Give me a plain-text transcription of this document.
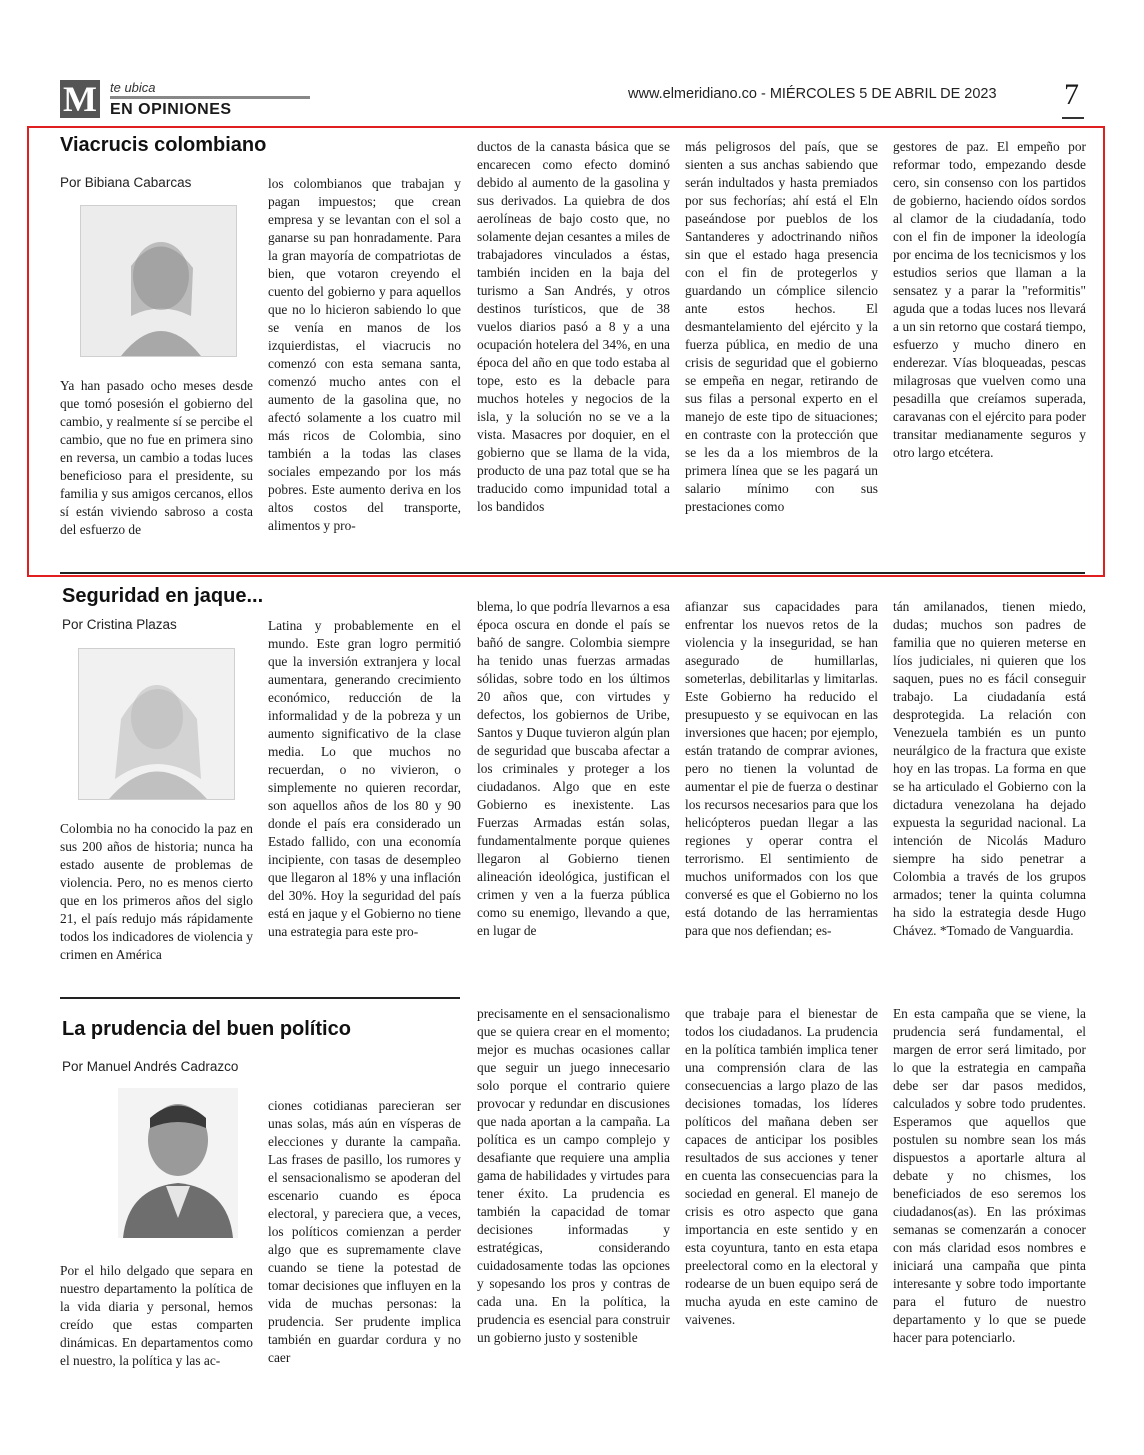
M te ubica
EN OPINIONES
www.elmeridiano.co - MIÉRCOLES 5 DE ABRIL DE 2023 7
Viacrucis colombiano
Por Bibiana Cabarcas
Ya han pasado ocho meses desde que tomó posesión el gobierno del cambio, y realmente sí se percibe el cambio, que no fue en primera sino en reversa, un cambio a todas luces beneficioso para el presidente, su familia y sus amigos cercanos, ellos sí están viviendo sabroso a costa del esfuerzo de
los colombianos que trabajan y pagan impuestos; que crean empresa y se levantan con el sol a ganarse su pan honradamente. Para la gran mayoría de compatriotas de bien, que votaron creyendo el cuento del gobierno y para aquellos que no lo hicieron sabiendo lo que se venía en manos de los izquierdistas, el viacrucis no comenzó con esta semana santa, comenzó mucho antes con el aumento de la gasolina que, no afectó solamente a los cuatro mil más ricos de Colombia, sino también a la todas las clases sociales empezando por los más pobres. Este aumento deriva en los altos costos del transporte, alimentos y pro-
ductos de la canasta básica que se encarecen como efecto dominó debido al aumento de la gasolina y sus derivados. La quiebra de dos aerolíneas de bajo costo que, no solamente dejan cesantes a miles de trabajadores vinculados a éstas, también inciden en la baja del turismo a San Andrés, y otros destinos turísticos, que de 38 vuelos diarios pasó a 8 y a una ocupación hotelera del 34%, en una época del año en que todo estaba al tope, esto es la debacle para muchos hoteles y negocios de la isla, y la solución no se ve a la vista. Masacres por doquier, en el gobierno que se llama de la vida, producto de una paz total que se ha traducido como impunidad total a los bandidos
más peligrosos del país, que se sienten a sus anchas sabiendo que serán indultados y hasta premiados por sus fechorías; ahí está el Eln paseándose por pueblos de los Santanderes y adoctrinando niños sin que el estado haga presencia con el fin de protegerlos y guardando un cómplice silencio ante estos hechos. El desmantelamiento del ejército y la fuerza pública, en medio de una crisis de seguridad que el gobierno se empeña en negar, retirando de sus filas a personal experto en el manejo de este tipo de situaciones; en contraste con la protección que se les da a los miembros de la primera línea que se les pagará un salario mínimo con sus prestaciones como
gestores de paz. El empeño por reformar todo, empezando desde cero, sin consenso con los partidos de gobierno, haciendo oídos sordos al clamor de la ciudadanía, todo con el fin de imponer la ideología por encima de los tecnicismos y los estudios serios que llaman a la sensatez y a parar la "reformitis" aguda que a todas luces nos llevará a un sin retorno que costará tiempo, esfuerzo y mucho dinero en enderezar. Vías bloqueadas, pescas milagrosas que vuelven como una pesadilla que creíamos superada, caravanas con el ejército para poder transitar medianamente seguros y otro largo etcétera.
Seguridad en jaque...
Por Cristina Plazas
Colombia no ha conocido la paz en sus 200 años de historia; nunca ha estado ausente de problemas de violencia. Pero, no es menos cierto que en los primeros años del siglo 21, el país redujo más rápidamente todos los indicadores de violencia y crimen en América
Latina y probablemente en el mundo. Este gran logro permitió que la inversión extranjera y local aumentara, generando crecimiento económico, reducción de la informalidad y de la pobreza y un aumento significativo de la clase media. Lo que muchos no recuerdan, o no vivieron, o simplemente no quieren recordar, son aquellos años de los 80 y 90 donde el país era considerado un Estado fallido, con una economía incipiente, con tasas de desempleo que llegaron al 18% y una inflación del 30%. Hoy la seguridad del país está en jaque y el Gobierno no tiene una estrategia para este pro-
blema, lo que podría llevarnos a esa época oscura en donde el país se bañó de sangre. Colombia siempre ha tenido unas fuerzas armadas sólidas, sobre todo en los últimos 20 años que, con virtudes y defectos, los gobiernos de Uribe, Santos y Duque tuvieron algún plan de seguridad que buscaba afectar a los criminales y proteger a los ciudadanos. Algo que en este Gobierno es inexistente. Las Fuerzas Armadas están solas, fundamentalmente porque quienes llegaron al Gobierno tienen alineación ideológica, justifican el crimen y ven a la fuerza pública como su enemigo, llevando a que, en lugar de
afianzar sus capacidades para enfrentar los nuevos retos de la violencia y la inseguridad, se han asegurado de humillarlas, someterlas, debilitarlas y limitarlas. Este Gobierno ha reducido el presupuesto y se equivocan en las inversiones que hacen; por ejemplo, están tratando de comprar aviones, pero no tienen la voluntad de aumentar el pie de fuerza o destinar los recursos necesarios para que los helicópteros puedan llegar a las regiones y operar contra el terrorismo. El sentimiento de muchos uniformados con los que conversé es que el Gobierno no los está dotando de las herramientas para que nos defiendan; es-
tán amilanados, tienen miedo, dudas; muchos son padres de familia que no quieren meterse en líos judiciales, ni quieren que los saquen, pues no es fácil conseguir trabajo. La ciudadanía está desprotegida. La relación con Venezuela también es un punto neurálgico de la fractura que existe hoy en las tropas. La forma en que se ha articulado el Gobierno con la dictadura venezolana ha dejado expuesta la seguridad nacional. La intención de Nicolás Maduro siempre ha sido penetrar a Colombia a través de los grupos armados; tener la quinta columna ha sido la estrategia desde Hugo Chávez. *Tomado de Vanguardia.
La prudencia del buen político
Por Manuel Andrés Cadrazco
Por el hilo delgado que separa en nuestro departamento la política de la vida diaria y personal, hemos creído que estas comparten dinámicas. En departamentos como el nuestro, la política y las ac-
ciones cotidianas parecieran ser unas solas, más aún en vísperas de elecciones y durante la campaña. Las frases de pasillo, los rumores y el sensacionalismo se apoderan del escenario cuando es época electoral, y pareciera que, a veces, los políticos comienzan a perder algo que es supremamente clave cuando se tiene la potestad de tomar decisiones que influyen en la vida de muchas personas: la prudencia. Ser prudente implica también en guardar cordura y no caer
precisamente en el sensacionalismo que se quiera crear en el momento; mejor es muchas ocasiones callar que seguir un juego innecesario solo porque el contrario quiere provocar y redundar en discusiones que nada aportan a la campaña. La política es un campo complejo y desafiante que requiere una amplia gama de habilidades y virtudes para tener éxito. La prudencia es también la capacidad de tomar decisiones informadas y estratégicas, considerando cuidadosamente todas las opciones y sopesando los pros y contras de cada una. En la política, la prudencia es esencial para construir un gobierno justo y sostenible
que trabaje para el bienestar de todos los ciudadanos. La prudencia en la política también implica tener una comprensión clara de las consecuencias a largo plazo de las decisiones tomadas, los líderes políticos del mañana deben ser capaces de anticipar los posibles resultados de sus acciones y tener en cuenta las consecuencias para la sociedad en general. El manejo de crisis es otro aspecto que gana importancia en este sentido y en esta coyuntura, tanto en esta etapa preelectoral como en la electoral y rodearse de un buen equipo será de mucha ayuda en este camino de vaivenes.
En esta campaña que se viene, la prudencia será fundamental, el margen de error será limitado, por lo que la estrategia en campaña debe ser dar pasos medidos, calculados y sobre todo prudentes. Esperamos que aquellos que postulen su nombre sean los más dispuestos a aportarle altura al debate y no chismes, los beneficiados de eso seremos los ciudadanos(as). En las próximas semanas se comenzarán a conocer con más claridad esos nombres e iniciará una campaña que pinta interesante y sobre todo importante para el futuro de nuestro departamento y lo que se puede hacer para potenciarlo.
